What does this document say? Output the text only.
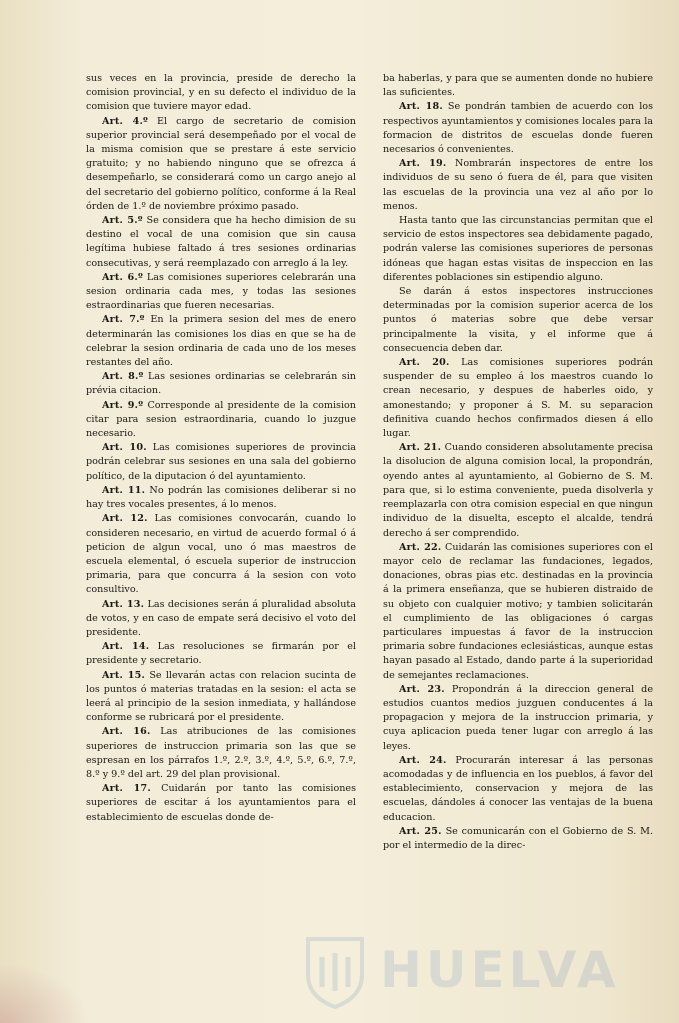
sus veces en la provincia, preside de derecho la comision provincial, y en su defecto el individuo de la comision que tuviere mayor edad.

Art. 4.º El cargo de secretario de comision superior provincial será desempeñado por el vocal de la misma comision que se prestare á este servicio gratuito; y no habiendo ninguno que se ofrezca á desempeñarlo, se considerará como un cargo anejo al del secretario del gobierno político, conforme á la Real órden de 1.º de noviembre próximo pasado.

Art. 5.º Se considera que ha hecho dimision de su destino el vocal de una comision que sin causa legítima hubiese faltado á tres sesiones ordinarias consecutivas, y será reemplazado con arreglo á la ley.

Art. 6.º Las comisiones superiores celebrarán una sesion ordinaria cada mes, y todas las sesiones estraordinarias que fueren necesarias.

Art. 7.º En la primera sesion del mes de enero determinarán las comisiones los dias en que se ha de celebrar la sesion ordinaria de cada uno de los meses restantes del año.

Art. 8.º Las sesiones ordinarias se celebrarán sin prévia citacion.

Art. 9.º Corresponde al presidente de la comision citar para sesion estraordinaria, cuando lo juzgue necesario.

Art. 10. Las comisiones superiores de provincia podrán celebrar sus sesiones en una sala del gobierno político, de la diputacion ó del ayuntamiento.

Art. 11. No podrán las comisiones deliberar si no hay tres vocales presentes, á lo menos.

Art. 12. Las comisiones convocarán, cuando lo consideren necesario, en virtud de acuerdo formal ó á peticion de algun vocal, uno ó mas maestros de escuela elemental, ó escuela superior de instruccion primaria, para que concurra á la sesion con voto consultivo.

Art. 13. Las decisiones serán á pluralidad absoluta de votos, y en caso de empate será decisivo el voto del presidente.

Art. 14. Las resoluciones se firmarán por el presidente y secretario.

Art. 15. Se llevarán actas con relacion sucinta de los puntos ó materias tratadas en la sesion: el acta se leerá al principio de la sesion inmediata, y hallándose conforme se rubricará por el presidente.

Art. 16. Las atribuciones de las comisiones superiores de instruccion primaria son las que se espresan en los párrafos 1.º, 2.º, 3.º, 4.º, 5.º, 6.º, 7.º, 8.º y 9.º del art. 29 del plan provisional.

Art. 17. Cuidarán por tanto las comisiones superiores de escitar á los ayuntamientos para el establecimiento de escuelas donde de-

ba haberlas, y para que se aumenten donde no hubiere las suficientes.

Art. 18. Se pondrán tambien de acuerdo con los respectivos ayuntamientos y comisiones locales para la formacion de distritos de escuelas donde fueren necesarios ó convenientes.

Art. 19. Nombrarán inspectores de entre los individuos de su seno ó fuera de él, para que visiten las escuelas de la provincia una vez al año por lo menos.

Hasta tanto que las circunstancias permitan que el servicio de estos inspectores sea debidamente pagado, podrán valerse las comisiones superiores de personas idóneas que hagan estas visitas de inspeccion en las diferentes poblaciones sin estipendio alguno.

Se darán á estos inspectores instrucciones determinadas por la comision superior acerca de los puntos ó materias sobre que debe versar principalmente la visita, y el informe que á consecuencia deben dar.

Art. 20. Las comisiones superiores podrán suspender de su empleo á los maestros cuando lo crean necesario, y despues de haberles oido, y amonestando; y proponer á S. M. su separacion definitiva cuando hechos confirmados diesen á ello lugar.

Art. 21. Cuando consideren absolutamente precisa la disolucion de alguna comision local, la propondrán, oyendo antes al ayuntamiento, al Gobierno de S. M. para que, si lo estima conveniente, pueda disolverla y reemplazarla con otra comision especial en que ningun individuo de la disuelta, escepto el alcalde, tendrá derecho á ser comprendido.

Art. 22. Cuidarán las comisiones superiores con el mayor celo de reclamar las fundaciones, legados, donaciones, obras pias etc. destinadas en la provincia á la primera enseñanza, que se hubieren distraido de su objeto con cualquier motivo; y tambien solicitarán el cumplimiento de las obligaciones ó cargas particulares impuestas á favor de la instruccion primaria sobre fundaciones eclesiásticas, aunque estas hayan pasado al Estado, dando parte á la superioridad de semejantes reclamaciones.

Art. 23. Propondrán á la direccion general de estudios cuantos medios juzguen conducentes á la propagacion y mejora de la instruccion primaria, y cuya aplicacion pueda tener lugar con arreglo á las leyes.

Art. 24. Procurarán interesar á las personas acomodadas y de influencia en los pueblos, á favor del establecimiento, conservacion y mejora de las escuelas, dándoles á conocer las ventajas de la buena educacion.

Art. 25. Se comunicarán con el Gobierno de S. M. por el intermedio de la direc-

HUELVA
